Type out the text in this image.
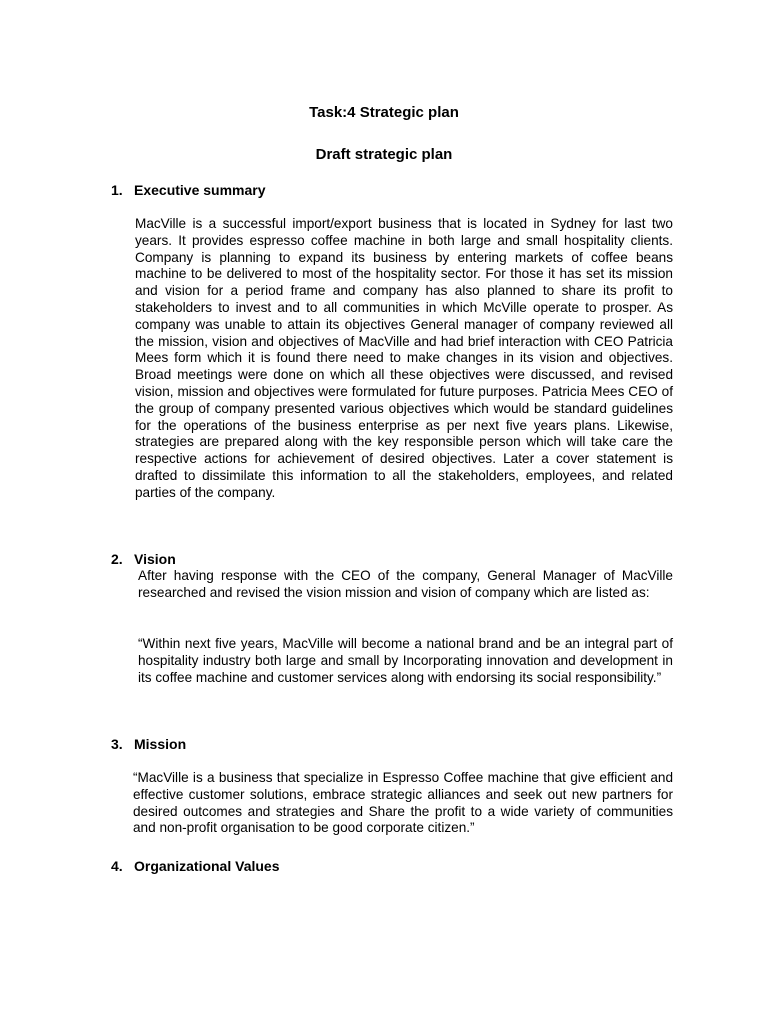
Task:4 Strategic plan
Draft strategic plan
1. Executive summary

MacVille is a successful import/export business that is located in Sydney for last two years. It provides espresso coffee machine in both large and small hospitality clients. Company is planning to expand its business by entering markets of coffee beans machine to be delivered to most of the hospitality sector. For those it has set its mission and vision for a period frame and company has also planned to share its profit to stakeholders to invest and to all communities in which McVille operate to prosper. As company was unable to attain its objectives General manager of company reviewed all the mission, vision and objectives of MacVille and had brief interaction with CEO Patricia Mees form which it is found there need to make changes in its vision and objectives. Broad meetings were done on which all these objectives were discussed, and revised vision, mission and objectives were formulated for future purposes. Patricia Mees CEO of the group of company presented various objectives which would be standard guidelines for the operations of the business enterprise as per next five years plans. Likewise, strategies are prepared along with the key responsible person which will take care the respective actions for achievement of desired objectives. Later a cover statement is drafted to dissimilate this information to all the stakeholders, employees, and related parties of the company.

2. Vision

After having response with the CEO of the company, General Manager of MacVille researched and revised the vision mission and vision of company which are listed as:

“Within next five years, MacVille will become a national brand and be an integral part of hospitality industry both large and small by Incorporating innovation and development in its coffee machine and customer services along with endorsing its social responsibility.”

3. Mission

“MacVille is a business that specialize in Espresso Coffee machine that give efficient and effective customer solutions, embrace strategic alliances and seek out new partners for desired outcomes and strategies and Share the profit to a wide variety of communities and non-profit organisation to be good corporate citizen.”

4. Organizational Values
